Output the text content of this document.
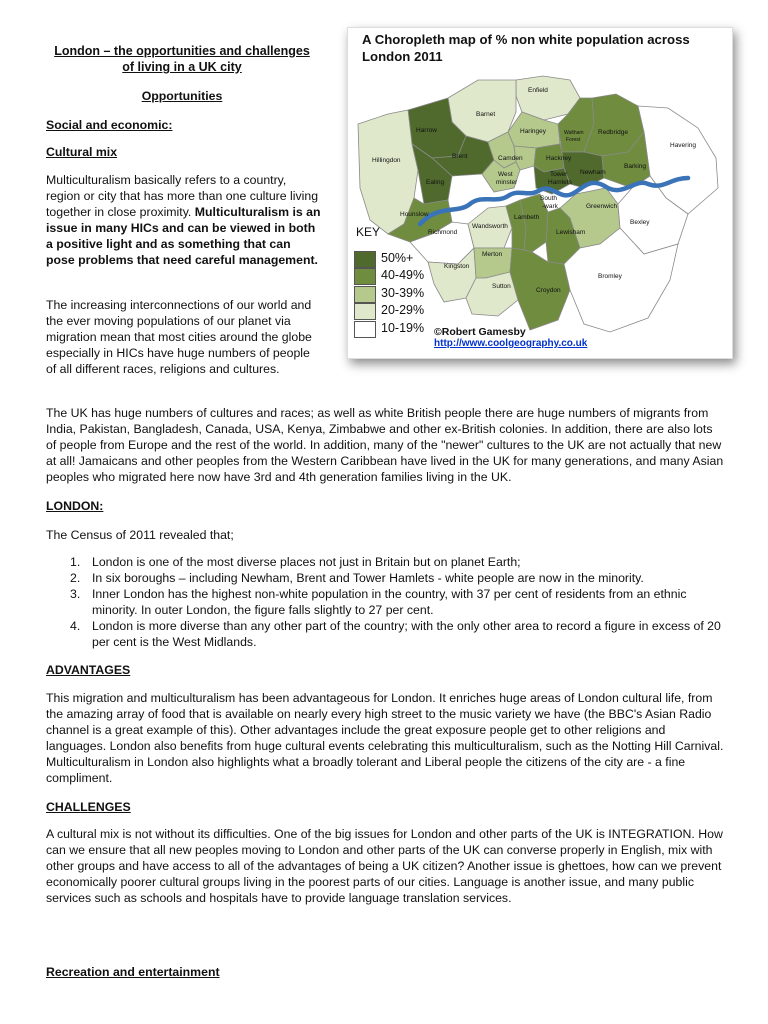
London – the opportunities and challenges
of living in a UK city
Opportunities
Social and economic:
Cultural mix

Multiculturalism basically refers to a country, region or city that has more than one culture living together in close proximity. Multiculturalism is an issue in many HICs and can be viewed in both a positive light and as something that can pose problems that need careful management.

The increasing interconnections of our world and the ever moving populations of our planet via migration mean that most cities around the globe especially in HICs have huge numbers of people of all different races, religions and cultures.
A Choropleth map of % non white population across
London 2011
Enfield
Barnet
Harrow	Haringey	Waltham
Forest
Redbridge
Havering
Hillingdon
Brent	Camden	Hackney
Barking
Ealing
Newham
West
minster
Tower
Hamlets
South
-wark	Greenwich
Bexley
Hounslow
Richmond
Wandsworth
Lambeth
Lewisham
Kingston
Merton
Sutton
Croydon
Bromley
KEY
50%+
40-49%
30-39%
20-29%
10-19% ©Robert Gamesby
http://www.coolgeography.co.uk
The UK has huge numbers of cultures and races; as well as white British people there are huge numbers of migrants from India, Pakistan, Bangladesh, Canada, USA, Kenya, Zimbabwe and other ex-British colonies. In addition, there are also lots of people from Europe and the rest of the world. In addition, many of the "newer" cultures to the UK are not actually that new at all! Jamaicans and other peoples from the Western Caribbean have lived in the UK for many generations, and many Asian peoples who migrated here now have 3rd and 4th generation families living in the UK.
LONDON:
The Census of 2011 revealed that;
1. London is one of the most diverse places not just in Britain but on planet Earth;
2. In six boroughs – including Newham, Brent and Tower Hamlets - white people are now in the minority.
3. Inner London has the highest non-white population in the country, with 37 per cent of residents from an ethnic minority. In outer London, the figure falls slightly to 27 per cent.
4. London is more diverse than any other part of the country; with the only other area to record a figure in excess of 20 per cent is the West Midlands.
ADVANTAGES
This migration and multiculturalism has been advantageous for London. It enriches huge areas of London cultural life, from the amazing array of food that is available on nearly every high street to the music variety we have (the BBC's Asian Radio channel is a great example of this). Other advantages include the great exposure people get to other religions and languages. London also benefits from huge cultural events celebrating this multiculturalism, such as the Notting Hill Carnival. Multiculturalism in London also highlights what a broadly tolerant and Liberal people the citizens of the city are - a fine compliment.
CHALLENGES
A cultural mix is not without its difficulties. One of the big issues for London and other parts of the UK is INTEGRATION. How can we ensure that all new peoples moving to London and other parts of the UK can converse properly in English, mix with other groups and have access to all of the advantages of being a UK citizen? Another issue is ghettoes, how can we prevent economically poorer cultural groups living in the poorest parts of our cities. Language is another issue, and many public services such as schools and hospitals have to provide language translation services.
Recreation and entertainment
